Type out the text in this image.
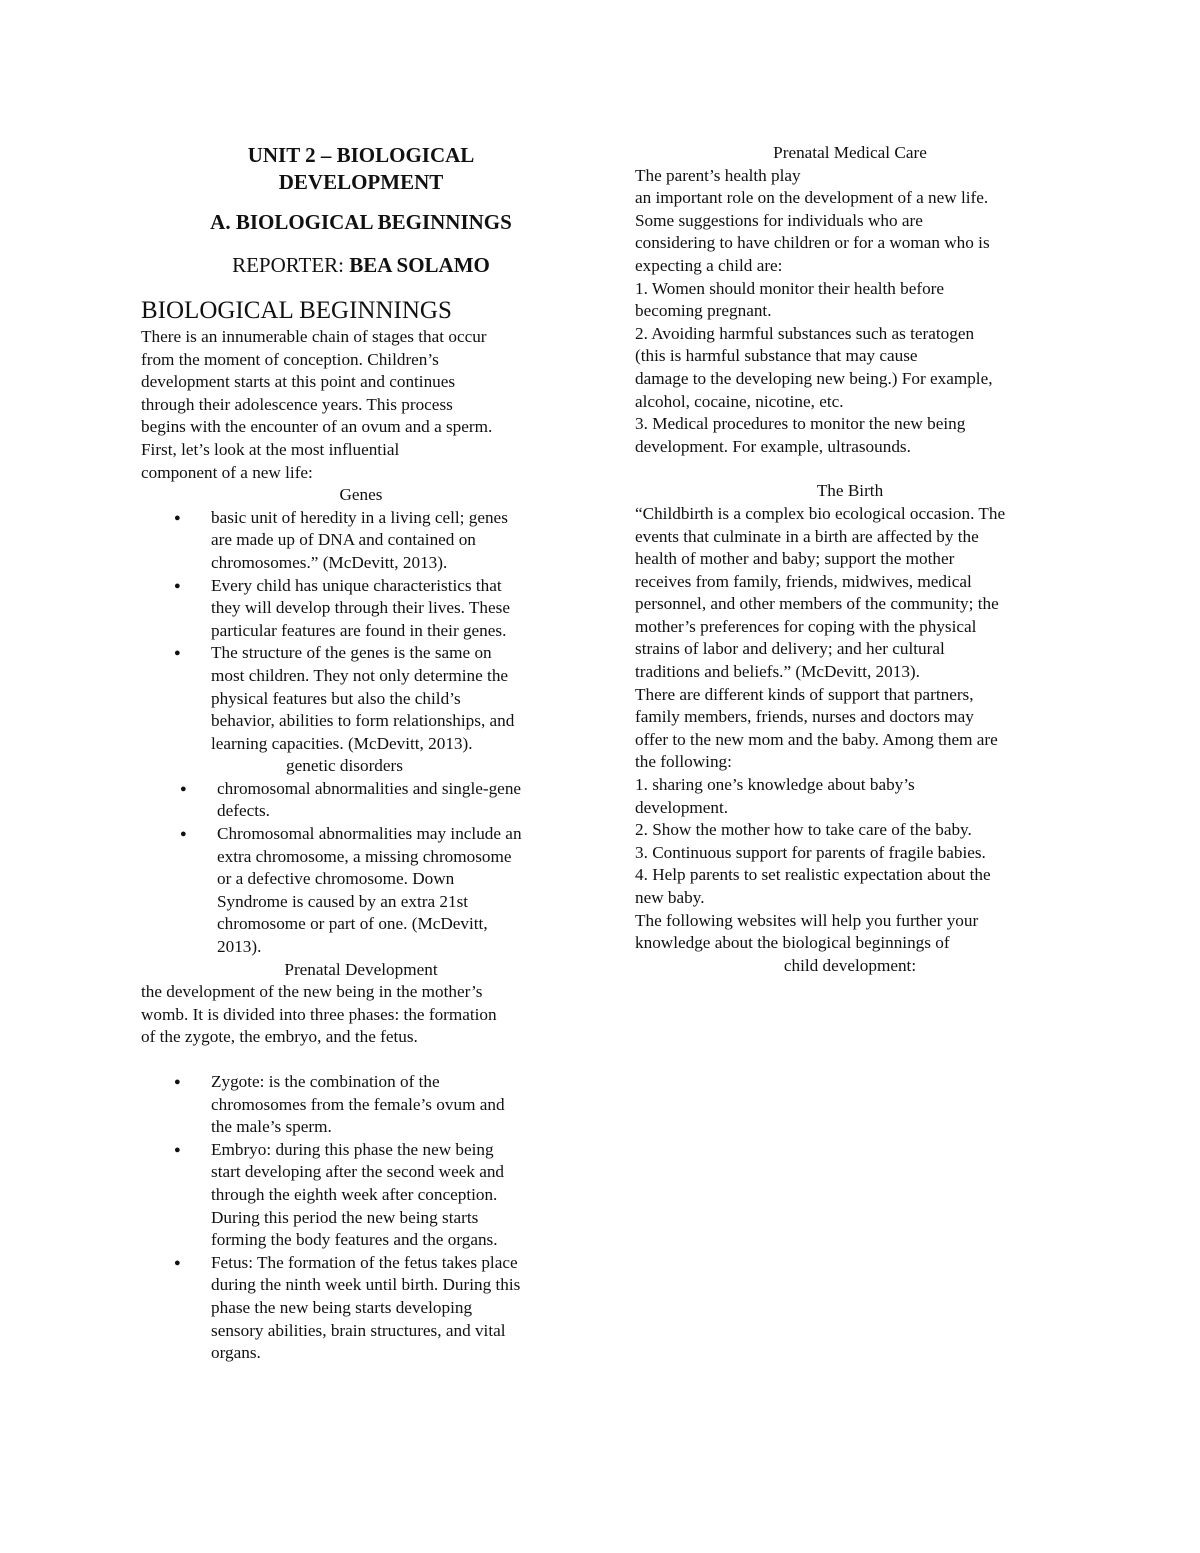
UNIT 2 – BIOLOGICAL DEVELOPMENT
A. BIOLOGICAL BEGINNINGS

REPORTER: BEA SOLAMO

BIOLOGICAL BEGINNINGS
There is an innumerable chain of stages that occur
from the moment of conception. Children’s
development starts at this point and continues
through their adolescence years. This process
begins with the encounter of an ovum and a sperm.
First, let’s look at the most influential
component of a new life:

Genes

● basic unit of heredity in a living cell; genes
are made up of DNA and contained on
chromosomes.” (McDevitt, 2013).
● Every child has unique characteristics that
they will develop through their lives. These
particular features are found in their genes.
● The structure of the genes is the same on
most children. They not only determine the
physical features but also the child’s
behavior, abilities to form relationships, and
learning capacities. (McDevitt, 2013).

genetic disorders

● chromosomal abnormalities and single-gene
defects.
● Chromosomal abnormalities may include an
extra chromosome, a missing chromosome
or a defective chromosome. Down
Syndrome is caused by an extra 21st
chromosome or part of one. (McDevitt,
2013).

Prenatal Development

the development of the new being in the mother’s
womb. It is divided into three phases: the formation
of the zygote, the embryo, and the fetus.
● Zygote: is the combination of the
chromosomes from the female’s ovum and
the male’s sperm.
● Embryo: during this phase the new being
start developing after the second week and
through the eighth week after conception.
During this period the new being starts
forming the body features and the organs.
● Fetus: The formation of the fetus takes place
during the ninth week until birth. During this
phase the new being starts developing
sensory abilities, brain structures, and vital
organs.

Prenatal Medical Care

The parent’s health play
an important role on the development of a new life.
Some suggestions for individuals who are
considering to have children or for a woman who is
expecting a child are:
1. Women should monitor their health before
becoming pregnant.
2. Avoiding harmful substances such as teratogen
(this is harmful substance that may cause
damage to the developing new being.) For example,
alcohol, cocaine, nicotine, etc.
3. Medical procedures to monitor the new being
development. For example, ultrasounds.

The Birth

“Childbirth is a complex bio ecological occasion. The
events that culminate in a birth are affected by the
health of mother and baby; support the mother
receives from family, friends, midwives, medical
personnel, and other members of the community; the
mother’s preferences for coping with the physical
strains of labor and delivery; and her cultural
traditions and beliefs.” (McDevitt, 2013).
There are different kinds of support that partners,
family members, friends, nurses and doctors may
offer to the new mom and the baby. Among them are
the following:
1. sharing one’s knowledge about baby’s
development.
2. Show the mother how to take care of the baby.
3. Continuous support for parents of fragile babies.
4. Help parents to set realistic expectation about the
new baby.
The following websites will help you further your
knowledge about the biological beginnings of

child development:
